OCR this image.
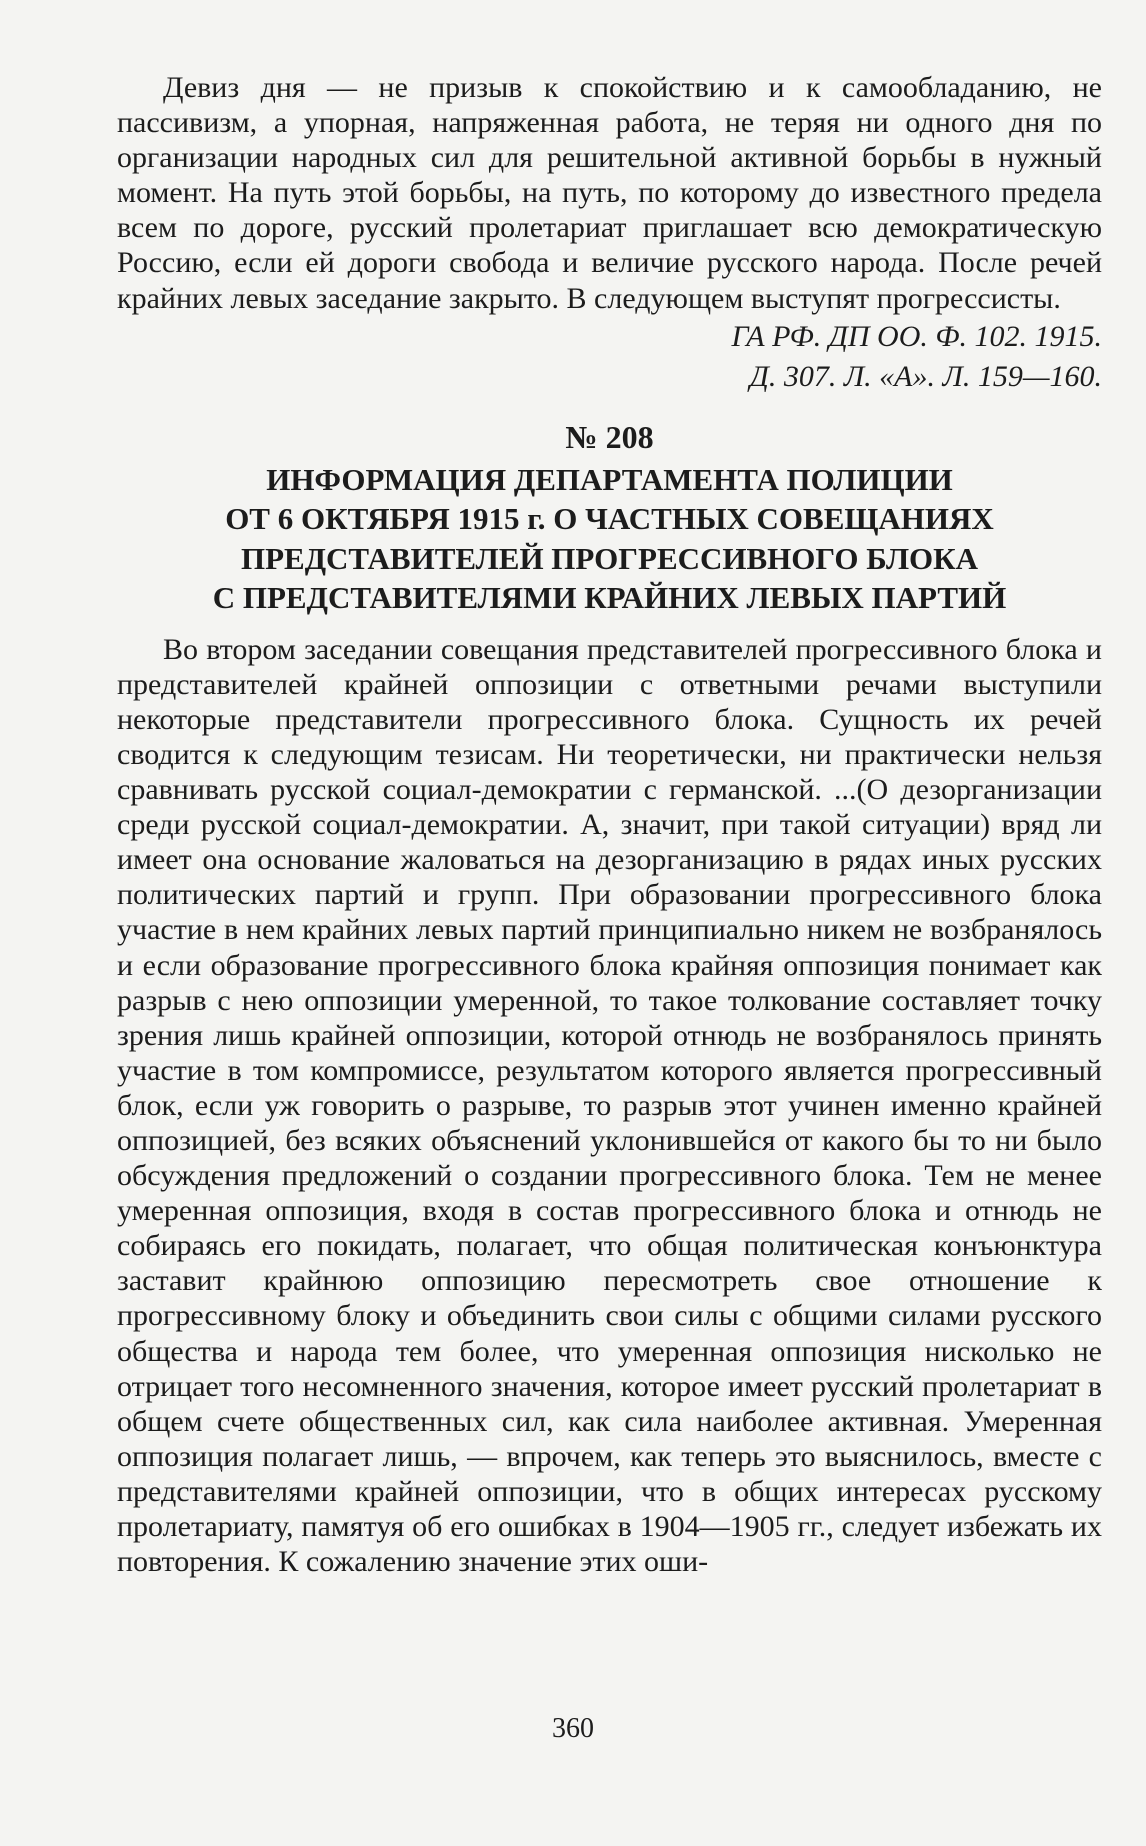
Девиз дня — не призыв к спокойствию и к самообладанию, не пассивизм, а упорная, напряженная работа, не теряя ни одного дня по организации народных сил для решительной активной борьбы в нужный момент. На путь этой борьбы, на путь, по которому до известного предела всем по дороге, русский пролетариат приглашает всю демократическую Россию, если ей дороги свобода и величие русского народа. После речей крайних левых заседание закрыто. В следующем выступят прогрессисты.

ГА РФ. ДП ОО. Ф. 102. 1915.

Д. 307. Л. «А». Л. 159—160.

№ 208
ИНФОРМАЦИЯ ДЕПАРТАМЕНТА ПОЛИЦИИ
ОТ 6 ОКТЯБРЯ 1915 г. О ЧАСТНЫХ СОВЕЩАНИЯХ
ПРЕДСТАВИТЕЛЕЙ ПРОГРЕССИВНОГО БЛОКА
С ПРЕДСТАВИТЕЛЯМИ КРАЙНИХ ЛЕВЫХ ПАРТИЙ

Во втором заседании совещания представителей прогрессивного блока и представителей крайней оппозиции с ответными речами выступили некоторые представители прогрессивного блока. Сущность их речей сводится к следующим тезисам. Ни теоретически, ни практически нельзя сравнивать русской социал-демократии с германской. ...(О дезорганизации среди русской социал-демократии. А, значит, при такой ситуации) вряд ли имеет она основание жаловаться на дезорганизацию в рядах иных русских политических партий и групп. При образовании прогрессивного блока участие в нем крайних левых партий принципиально никем не возбранялось и если образование прогрессивного блока крайняя оппозиция понимает как разрыв с нею оппозиции умеренной, то такое толкование составляет точку зрения лишь крайней оппозиции, которой отнюдь не возбранялось принять участие в том компромиссе, результатом которого является прогрессивный блок, если уж говорить о разрыве, то разрыв этот учинен именно крайней оппозицией, без всяких объяснений уклонившейся от какого бы то ни было обсуждения предложений о создании прогрессивного блока. Тем не менее умеренная оппозиция, входя в состав прогрессивного блока и отнюдь не собираясь его покидать, полагает, что общая политическая конъюнктура заставит крайнюю оппозицию пересмотреть свое отношение к прогрессивному блоку и объединить свои силы с общими силами русского общества и народа тем более, что умеренная оппозиция нисколько не отрицает того несомненного значения, которое имеет русский пролетариат в общем счете общественных сил, как сила наиболее активная. Умеренная оппозиция полагает лишь, — впрочем, как теперь это выяснилось, вместе с представителями крайней оппозиции, что в общих интересах русскому пролетариату, памятуя об его ошибках в 1904—1905 гг., следует избежать их повторения. К сожалению значение этих оши-

360
